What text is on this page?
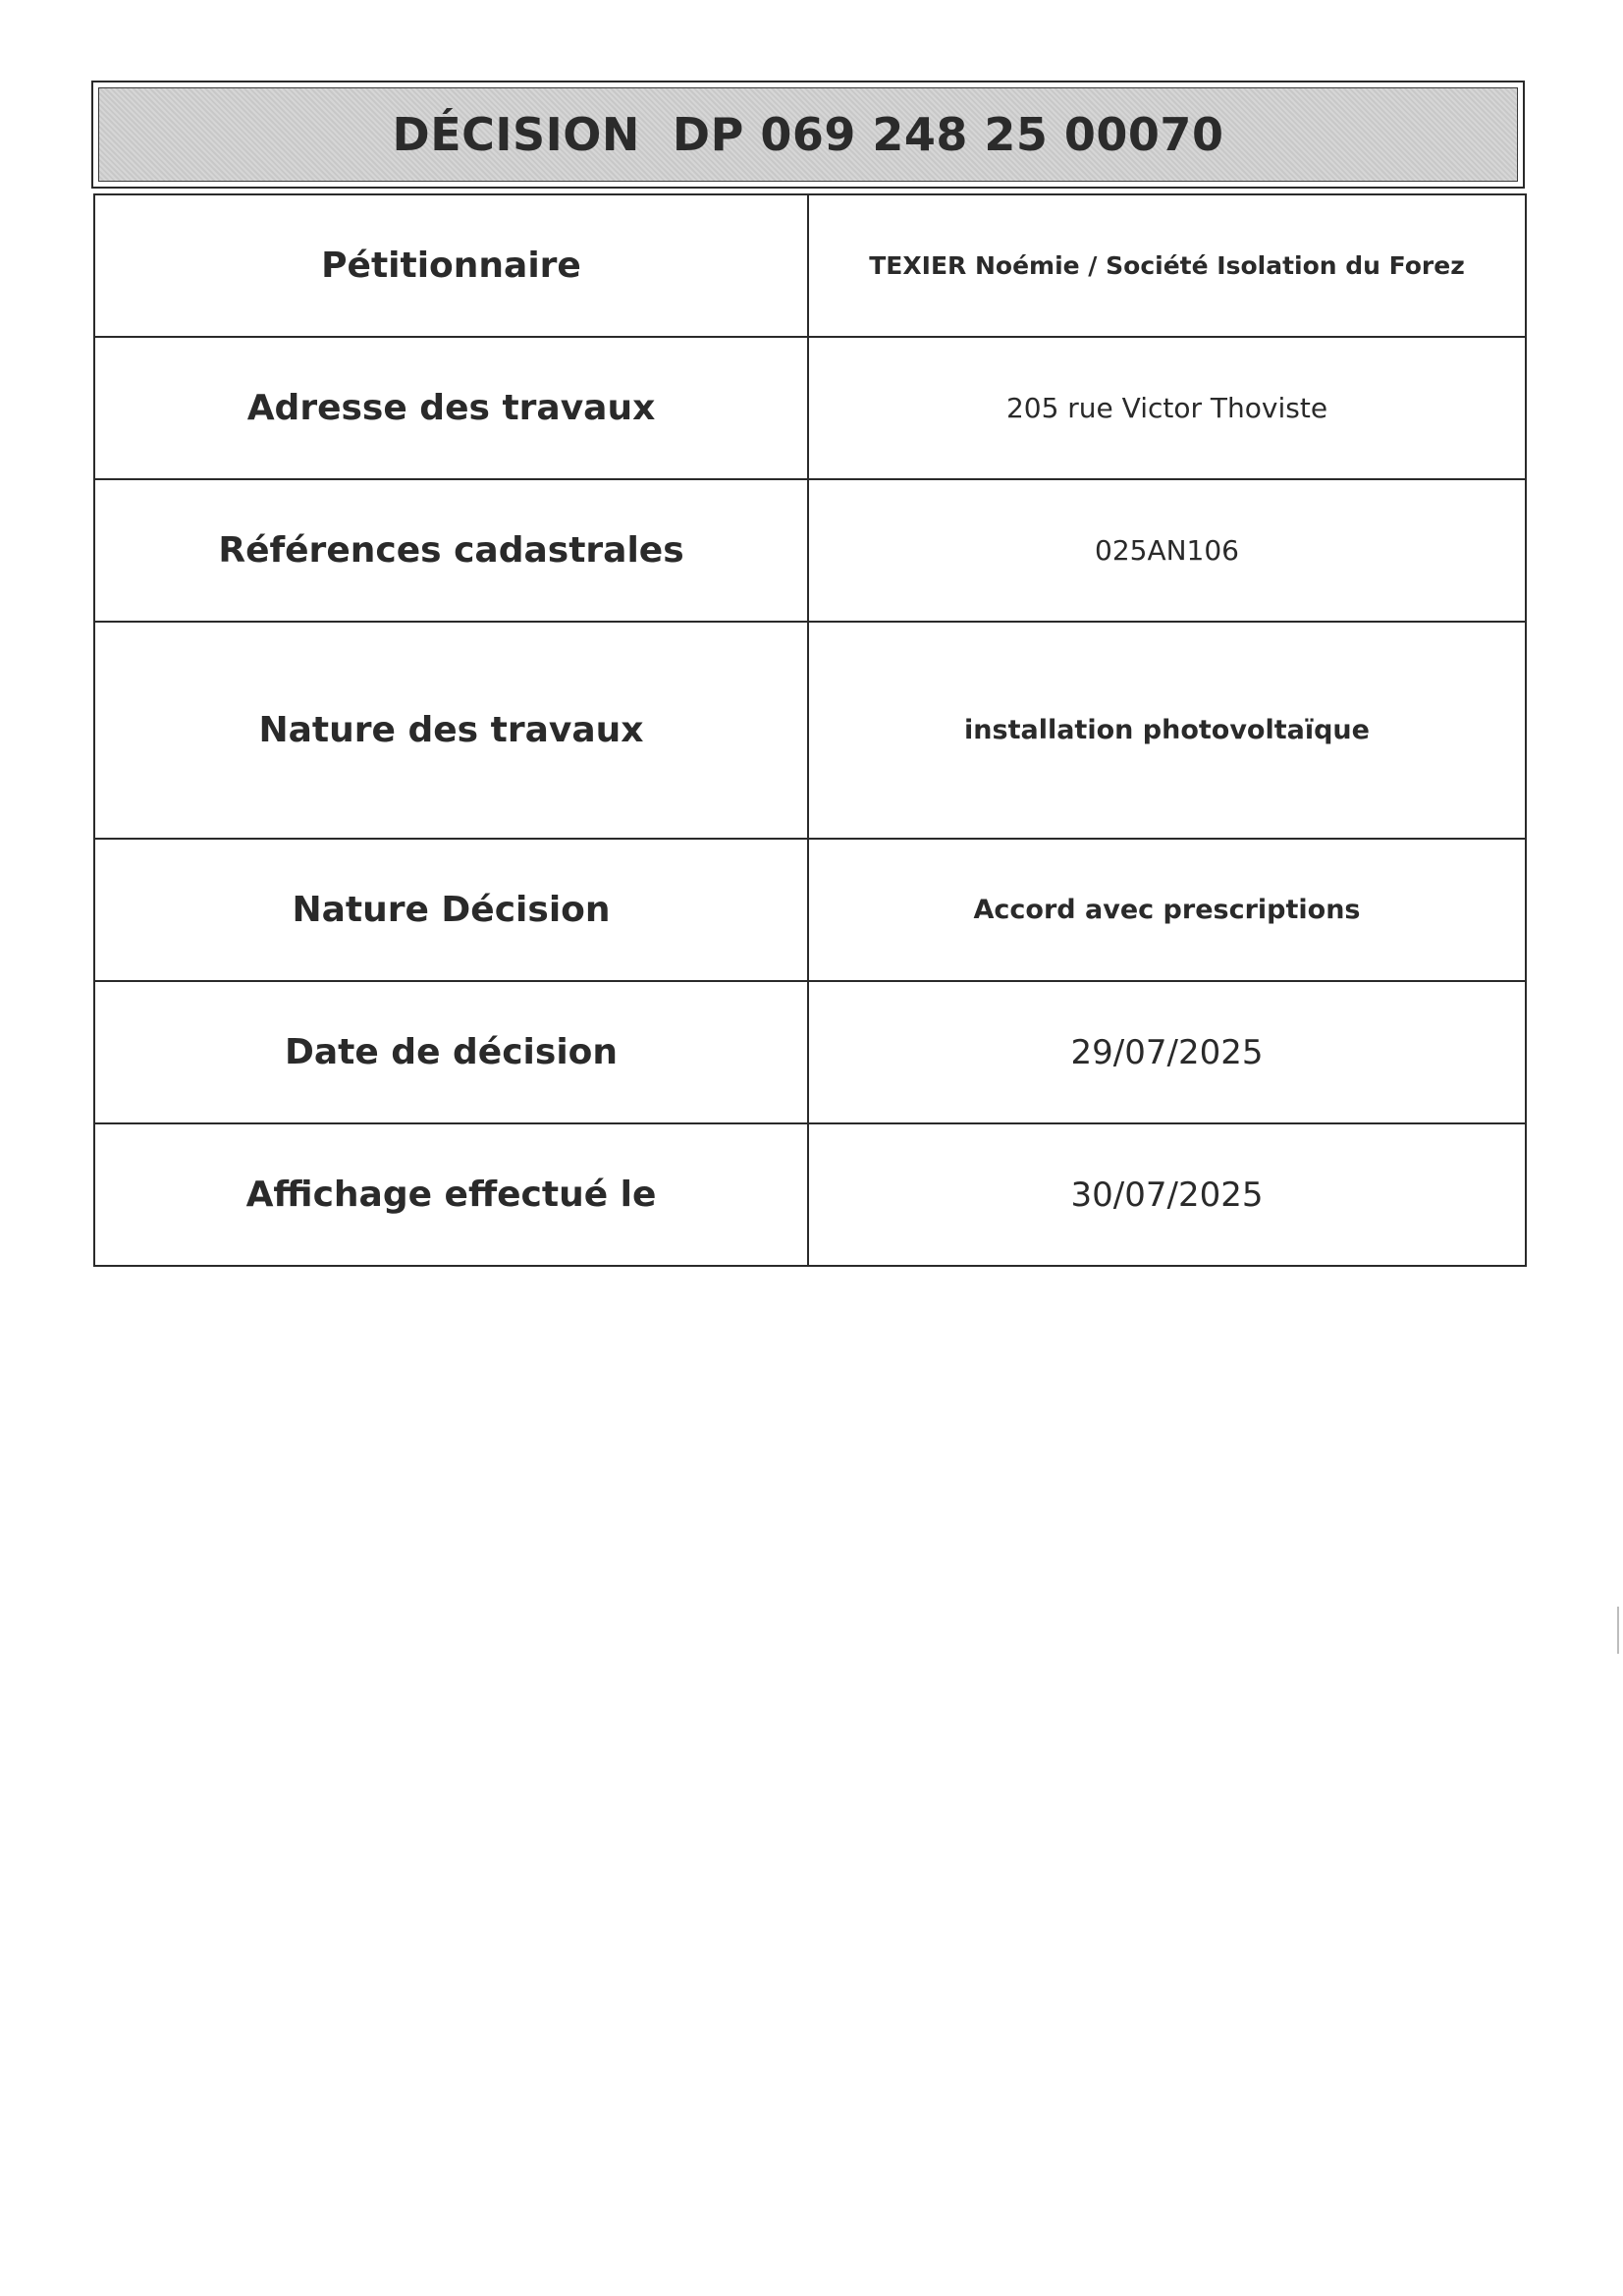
DÉCISION  DP 069 248 25 00070
Pétitionnaire	TEXIER Noémie / Société Isolation du Forez
Adresse des travaux	205 rue Victor Thoviste
Références cadastrales	025AN106
Nature des travaux	installation photovoltaïque
Nature Décision	Accord avec prescriptions
Date de décision	29/07/2025
Affichage effectué le	30/07/2025
